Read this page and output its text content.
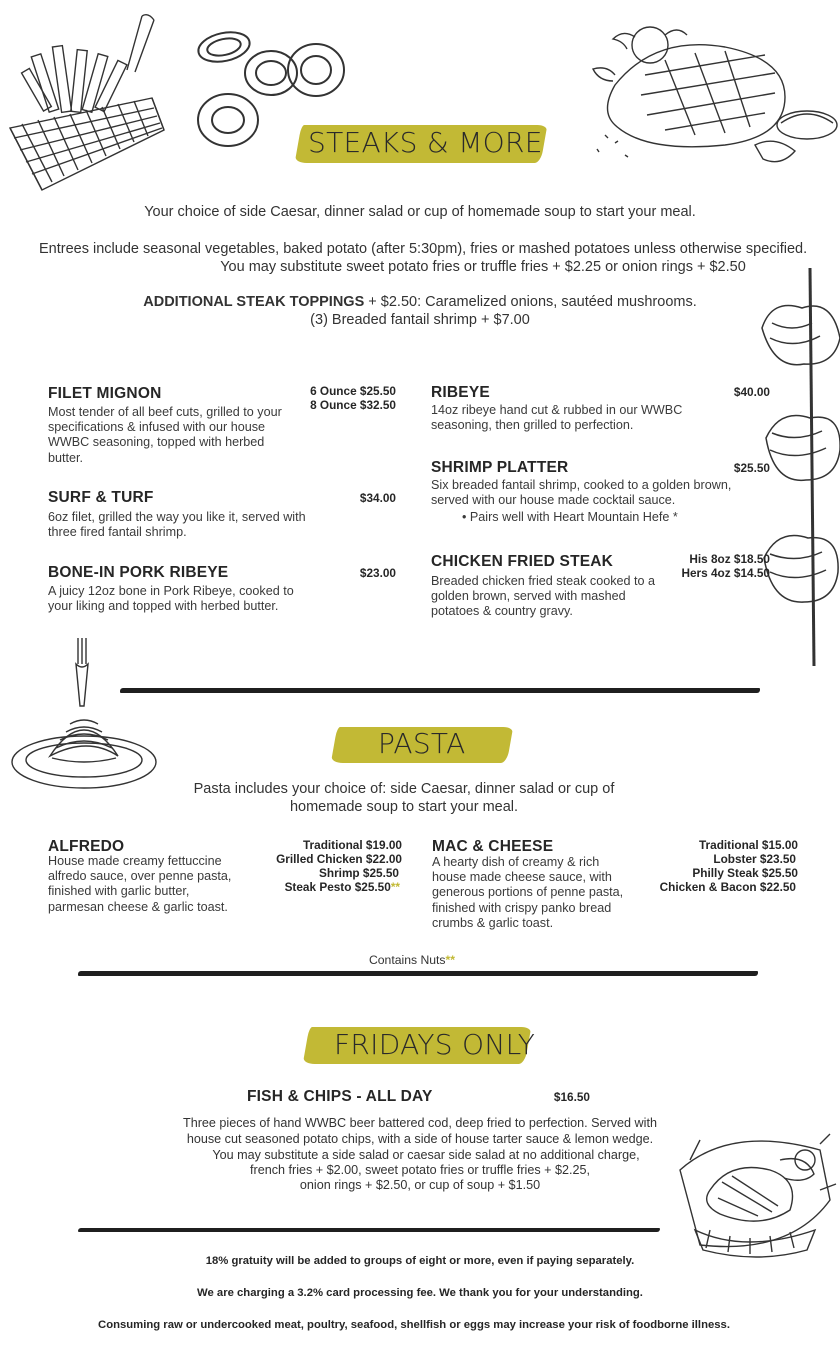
STEAKS & MORE
Your choice of side Caesar, dinner salad or cup of homemade soup to start your meal.
Entrees include seasonal vegetables, baked potato (after 5:30pm), fries or mashed potatoes unless otherwise specified.
You may substitute sweet potato fries or truffle fries + $2.25 or onion rings + $2.50
ADDITIONAL STEAK TOPPINGS + $2.50: Caramelized onions, sautéed mushrooms.
(3) Breaded fantail shrimp + $7.00
FILET MIGNON	6 Ounce $25.50
8 Ounce $32.50
Most tender of all beef cuts, grilled to your specifications & infused with our house WWBC seasoning, topped with herbed butter.
SURF & TURF	$34.00
6oz filet, grilled the way you like it, served with three fired fantail shrimp.
BONE-IN PORK RIBEYE	$23.00
A juicy 12oz bone in Pork Ribeye, cooked to your liking and topped with herbed butter.
RIBEYE	$40.00
14oz ribeye hand cut & rubbed in our WWBC seasoning, then grilled to perfection.
SHRIMP PLATTER	$25.50
Six breaded fantail shrimp, cooked to a golden brown, served with our house made cocktail sauce.
• Pairs well with Heart Mountain Hefe *
CHICKEN FRIED STEAK	His 8oz $18.50
Hers 4oz $14.50
Breaded chicken fried steak cooked to a golden brown, served with mashed potatoes & country gravy.
PASTA
Pasta includes your choice of: side Caesar, dinner salad or cup of
homemade soup to start your meal.
ALFREDO
House made creamy fettuccine alfredo sauce, over penne pasta, finished with garlic butter, parmesan cheese & garlic toast.
Traditional $19.00
Grilled Chicken $22.00
Shrimp $25.50
Steak Pesto $25.50**
MAC & CHEESE
A hearty dish of creamy & rich house made cheese sauce, with generous portions of penne pasta, finished with crispy panko bread crumbs & garlic toast.
Traditional $15.00
Lobster $23.50
Philly Steak $25.50
Chicken & Bacon $22.50
Contains Nuts**
FRIDAYS ONLY
FISH & CHIPS - ALL DAY	$16.50
Three pieces of hand WWBC beer battered cod, deep fried to perfection. Served with
house cut seasoned potato chips, with a side of house tarter sauce & lemon wedge.
You may substitute a side salad or caesar side salad at no additional charge,
french fries + $2.00, sweet potato fries or truffle fries + $2.25,
onion rings + $2.50, or cup of soup + $1.50
18% gratuity will be added to groups of eight or more, even if paying separately.
We are charging a 3.2% card processing fee. We thank you for your understanding.
Consuming raw or undercooked meat, poultry, seafood, shellfish or eggs may increase your risk of foodborne illness.
